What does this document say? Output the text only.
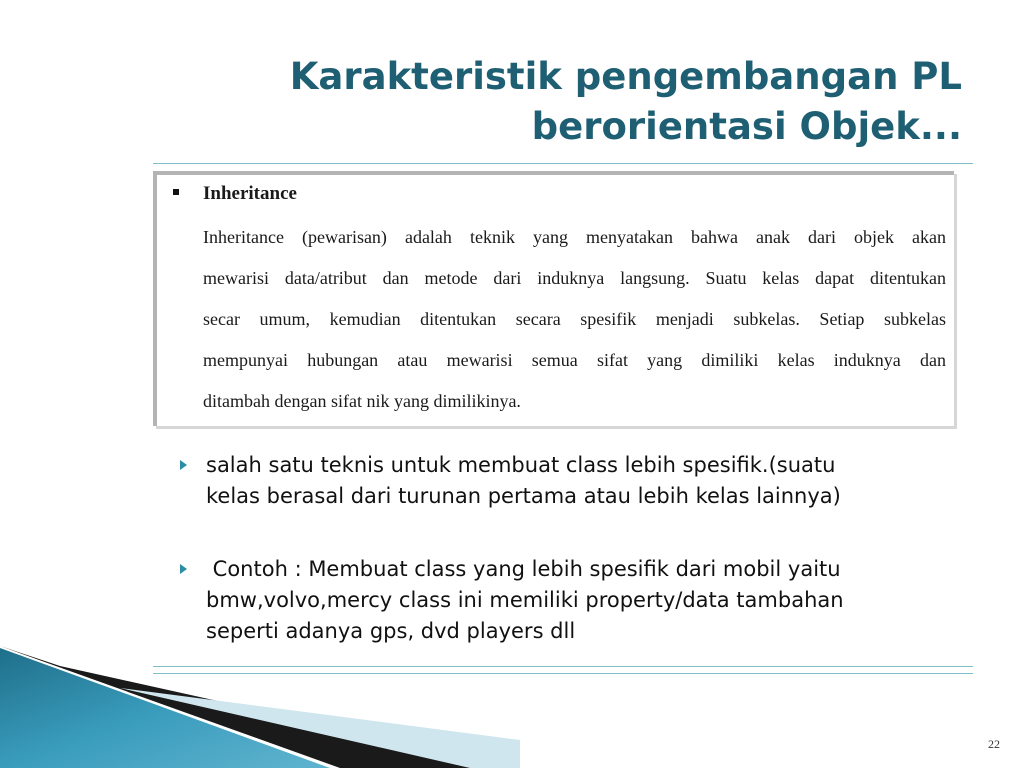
Karakteristik pengembangan PL
berorientasi Objek...
Inheritance
Inheritance (pewarisan) adalah teknik yang menyatakan bahwa anak dari objek akan
mewarisi data/atribut dan metode dari induknya langsung. Suatu kelas dapat ditentukan
secar umum, kemudian ditentukan secara spesifik menjadi subkelas. Setiap subkelas
mempunyai hubungan atau mewarisi semua sifat yang dimiliki kelas induknya dan
ditambah dengan sifat nik yang dimilikinya.
salah satu teknis untuk membuat class lebih spesifik.(suatu
kelas berasal dari turunan pertama atau lebih kelas lainnya)
Contoh : Membuat class yang lebih spesifik dari mobil yaitu
bmw,volvo,mercy class ini memiliki property/data tambahan
seperti adanya gps, dvd players dll
22
